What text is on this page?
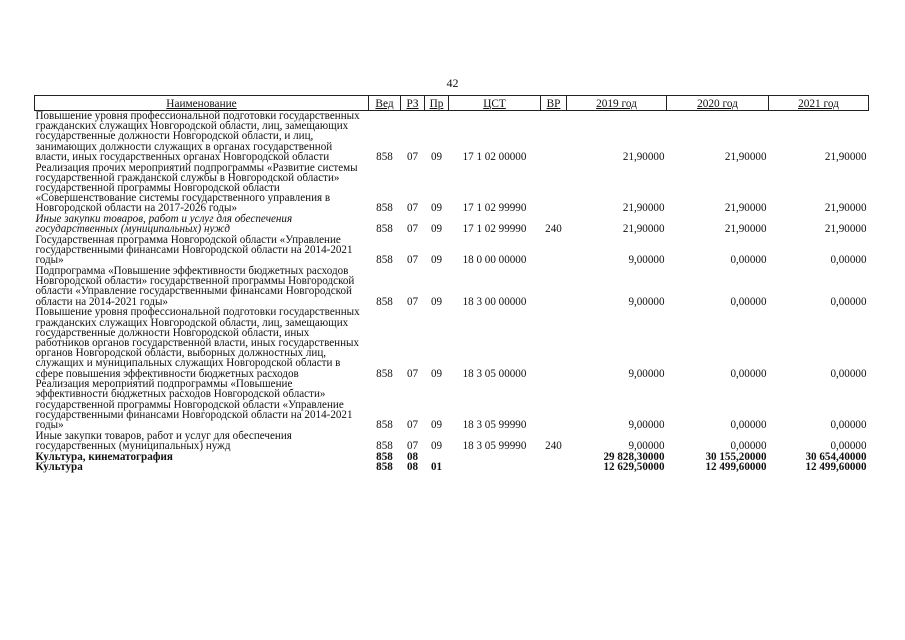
42
Наименование	Вед	РЗ	Пр	ЦСТ	ВР	2019 год	2020 год	2021 год
Повышение уровня профессиональной подготовки государственных гражданских служащих Новгородской области, лиц, замещающих государственные должности Новгородской области, и лиц, занимающих должности служащих в органах государственной власти, иных государственных органах Новгородской области	858	07	09	17 1 02 00000		21,90000	21,90000	21,90000
Реализация прочих мероприятий подпрограммы «Развитие системы государственной гражданской службы в Новгородской области» государственной программы Новгородской области «Совершенствование системы государственного управления в Новгородской области на 2017-2026 годы»	858	07	09	17 1 02 99990		21,90000	21,90000	21,90000
Иные закупки товаров, работ и услуг для обеспечения государственных (муниципальных) нужд	858	07	09	17 1 02 99990	240	21,90000	21,90000	21,90000
Государственная программа Новгородской области «Управление государственными финансами Новгородской области на 2014-2021 годы»	858	07	09	18 0 00 00000		9,00000	0,00000	0,00000
Подпрограмма «Повышение эффективности бюджетных расходов Новгородской области» государственной программы Новгородской области «Управление государственными финансами Новгородской области на 2014-2021 годы»	858	07	09	18 3 00 00000		9,00000	0,00000	0,00000
Повышение уровня профессиональной подготовки государственных гражданских служащих Новгородской области, лиц, замещающих государственные должности Новгородской области, иных работников органов государственной власти, иных государственных органов Новгородской области, выборных должностных лиц, служащих и муниципальных служащих Новгородской области в сфере повышения эффективности бюджетных расходов	858	07	09	18 3 05 00000		9,00000	0,00000	0,00000
Реализация мероприятий подпрограммы «Повышение эффективности бюджетных расходов Новгородской области» государственной программы Новгородской области «Управление государственными финансами Новгородской области на 2014-2021 годы»	858	07	09	18 3 05 99990		9,00000	0,00000	0,00000
Иные закупки товаров, работ и услуг для обеспечения государственных (муниципальных) нужд	858	07	09	18 3 05 99990	240	9,00000	0,00000	0,00000
Культура, кинематография	858	08				29 828,30000	30 155,20000	30 654,40000
Культура	858	08	01			12 629,50000	12 499,60000	12 499,60000
